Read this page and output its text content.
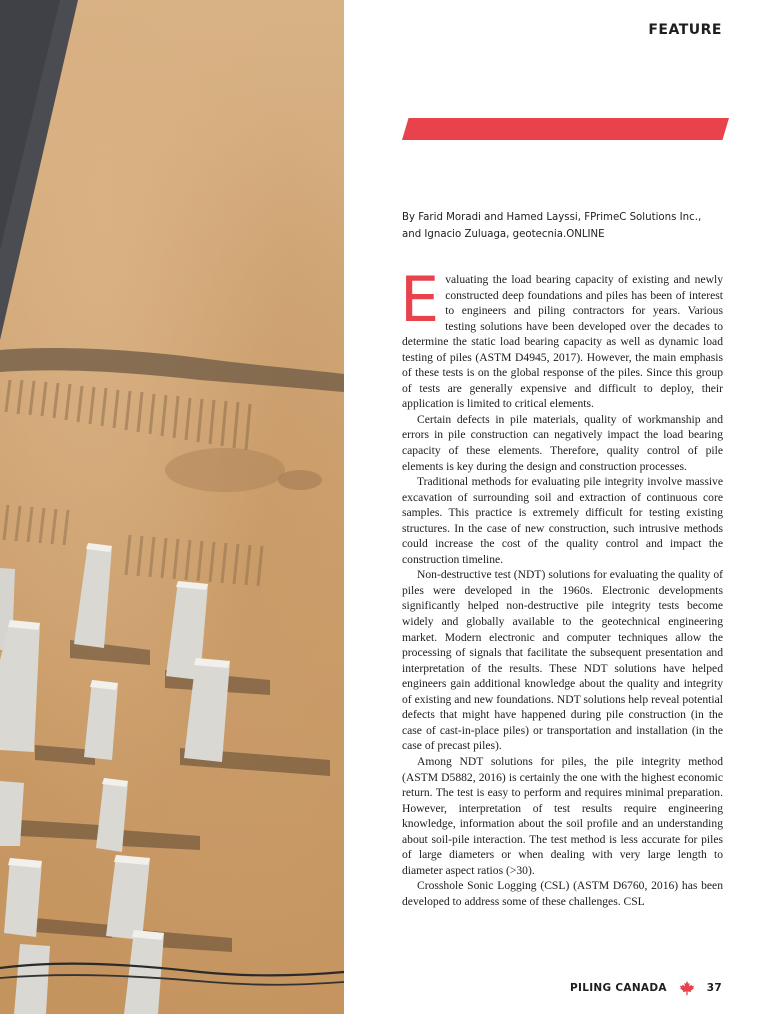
FEATURE
By Farid Moradi and Hamed Layssi, FPrimeC Solutions Inc.,
and Ignacio Zuluaga, geotecnia.ONLINE

Evaluating the load bearing capacity of existing and newly constructed deep foundations and piles has been of interest to engineers and piling contractors for years. Various testing solutions have been developed over the decades to determine the static load bearing capacity as well as dynamic load testing of piles (ASTM D4945, 2017). However, the main emphasis of these tests is on the global response of the piles. Since this group of tests are generally expensive and difficult to deploy, their application is limited to critical elements.

Certain defects in pile materials, quality of workmanship and errors in pile construction can negatively impact the load bearing capacity of these elements. Therefore, quality control of pile elements is key during the design and construction processes.

Traditional methods for evaluating pile integrity involve massive excavation of surrounding soil and extraction of continuous core samples. This practice is extremely difficult for testing existing structures. In the case of new construction, such intrusive methods could increase the cost of the quality control and impact the construction timeline.

Non-destructive test (NDT) solutions for evaluating the quality of piles were developed in the 1960s. Electronic developments significantly helped non-destructive pile integrity tests become widely and globally available to the geotechnical engineering market. Modern electronic and computer techniques allow the processing of signals that facilitate the subsequent presentation and interpretation of the results. These NDT solutions have helped engineers gain additional knowledge about the quality and integrity of existing and new foundations. NDT solutions help reveal potential defects that might have happened during pile construction (in the case of cast-in-place piles) or transportation and installation (in the case of precast piles).

Among NDT solutions for piles, the pile integrity method (ASTM D5882, 2016) is certainly the one with the highest economic return. The test is easy to perform and requires minimal preparation. However, interpretation of test results require engineering knowledge, information about the soil profile and an understanding about soil-pile interaction. The test method is less accurate for piles of large diameters or when dealing with very large length to diameter aspect ratios (>30).

Crosshole Sonic Logging (CSL) (ASTM D6760, 2016) has been developed to address some of these challenges. CSL

PILING CANADA	37
